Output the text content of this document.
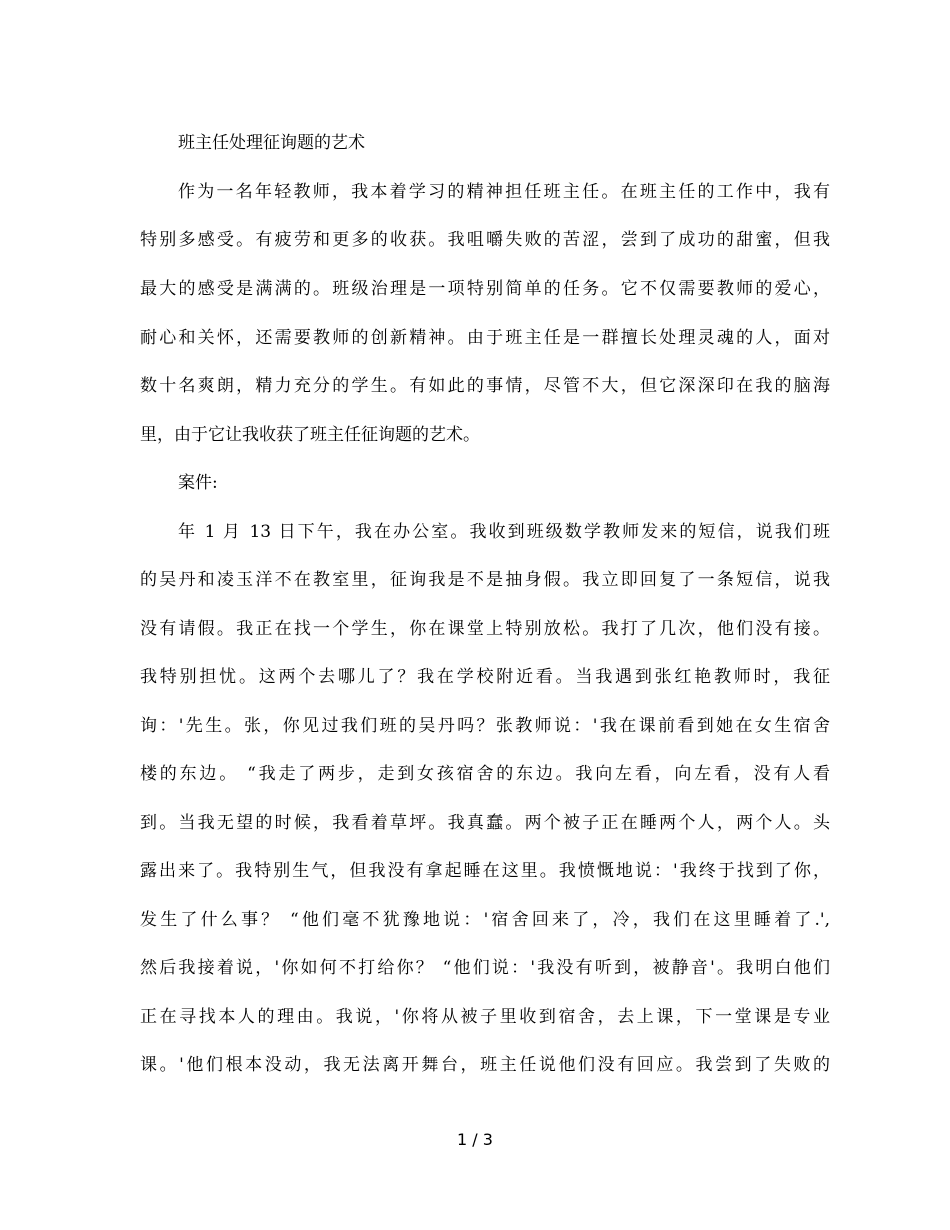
班主任处理征询题的艺术
作为一名年轻教师，我本着学习的精神担任班主任。在班主任的工作中，我有
特别多感受。有疲劳和更多的收获。我咀嚼失败的苦涩，尝到了成功的甜蜜，但我
最大的感受是满满的。班级治理是一项特别简单的任务。它不仅需要教师的爱心，
耐心和关怀，还需要教师的创新精神。由于班主任是一群擅长处理灵魂的人，面对
数十名爽朗，精力充分的学生。有如此的事情，尽管不大，但它深深印在我的脑海
里，由于它让我收获了班主任征询题的艺术。
案件:
年 1 月 13 日下午，我在办公室。我收到班级数学教师发来的短信，说我们班
的吴丹和凌玉洋不在教室里，征询我是不是抽身假。我立即回复了一条短信，说我
没有请假。我正在找一个学生，你在课堂上特别放松。我打了几次，他们没有接。
我特别担忧。这两个去哪儿了？我在学校附近看。当我遇到张红艳教师时，我征
询：'先生。张，你见过我们班的吴丹吗？张教师说：'我在课前看到她在女生宿舍
楼的东边。 “我走了两步，走到女孩宿舍的东边。我向左看，向左看，没有人看
到。当我无望的时候，我看着草坪。我真蠢。两个被子正在睡两个人，两个人。头
露出来了。我特别生气，但我没有拿起睡在这里。我愤慨地说：'我终于找到了你，
发生了什么事？ “他们毫不犹豫地说：'宿舍回来了，冷，我们在这里睡着了.',
然后我接着说，'你如何不打给你？ “他们说：'我没有听到，被静音'。我明白他们
正在寻找本人的理由。我说，'你将从被子里收到宿舍，去上课，下一堂课是专业
课。'他们根本没动，我无法离开舞台，班主任说他们没有回应。我尝到了失败的
1 / 3
